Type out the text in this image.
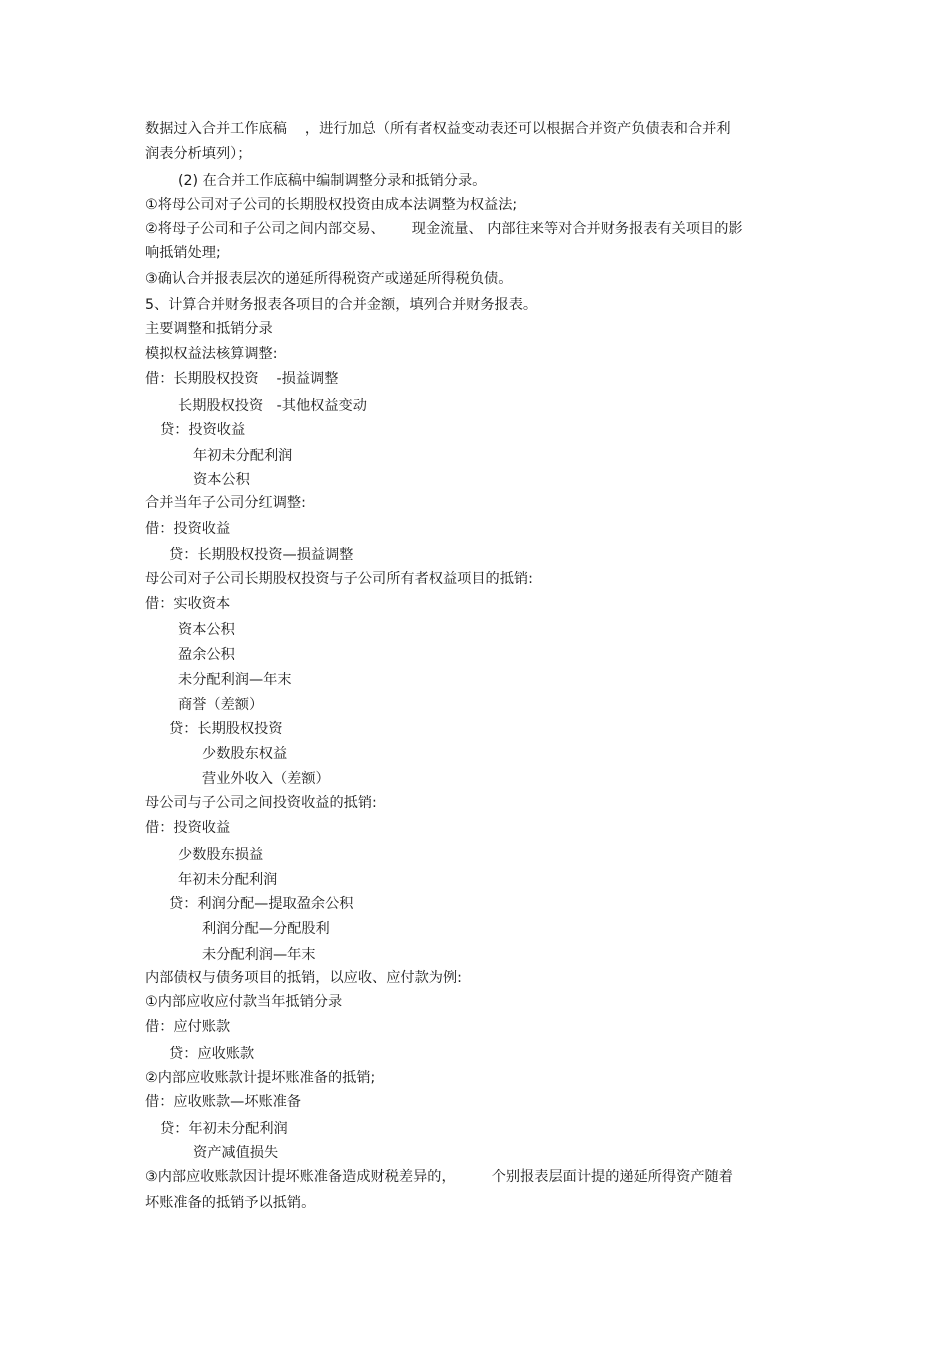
数据过入合并工作底稿    ，进行加总（所有者权益变动表还可以根据合并资产负债表和合并利
润表分析填列）；
(2) 在合并工作底稿中编制调整分录和抵销分录。
①将母公司对子公司的长期股权投资由成本法调整为权益法;
②将母子公司和子公司之间内部交易、      现金流量、 内部往来等对合并财务报表有关项目的影
响抵销处理;
③确认合并报表层次的递延所得税资产或递延所得税负债。
5、计算合并财务报表各项目的合并金额，填列合并财务报表。
主要调整和抵销分录
模拟权益法核算调整:
借：长期股权投资    -损益调整
长期股权投资   -其他权益变动
贷：投资收益
年初未分配利润
资本公积
合并当年子公司分红调整:
借：投资收益
贷：长期股权投资—损益调整
母公司对子公司长期股权投资与子公司所有者权益项目的抵销:
借：实收资本
资本公积
盈余公积
未分配利润—年末
商誉（差额）
贷：长期股权投资
少数股东权益
营业外收入（差额）
母公司与子公司之间投资收益的抵销:
借：投资收益
少数股东损益
年初未分配利润
贷：利润分配—提取盈余公积
利润分配—分配股利
未分配利润—年末
内部债权与债务项目的抵销，以应收、应付款为例:
①内部应收应付款当年抵销分录
借：应付账款
贷：应收账款
②内部应收账款计提坏账准备的抵销;
借：应收账款—坏账准备
贷：年初未分配利润
资产减值损失
③内部应收账款因计提坏账准备造成财税差异的，        个别报表层面计提的递延所得资产随着
坏账准备的抵销予以抵销。
